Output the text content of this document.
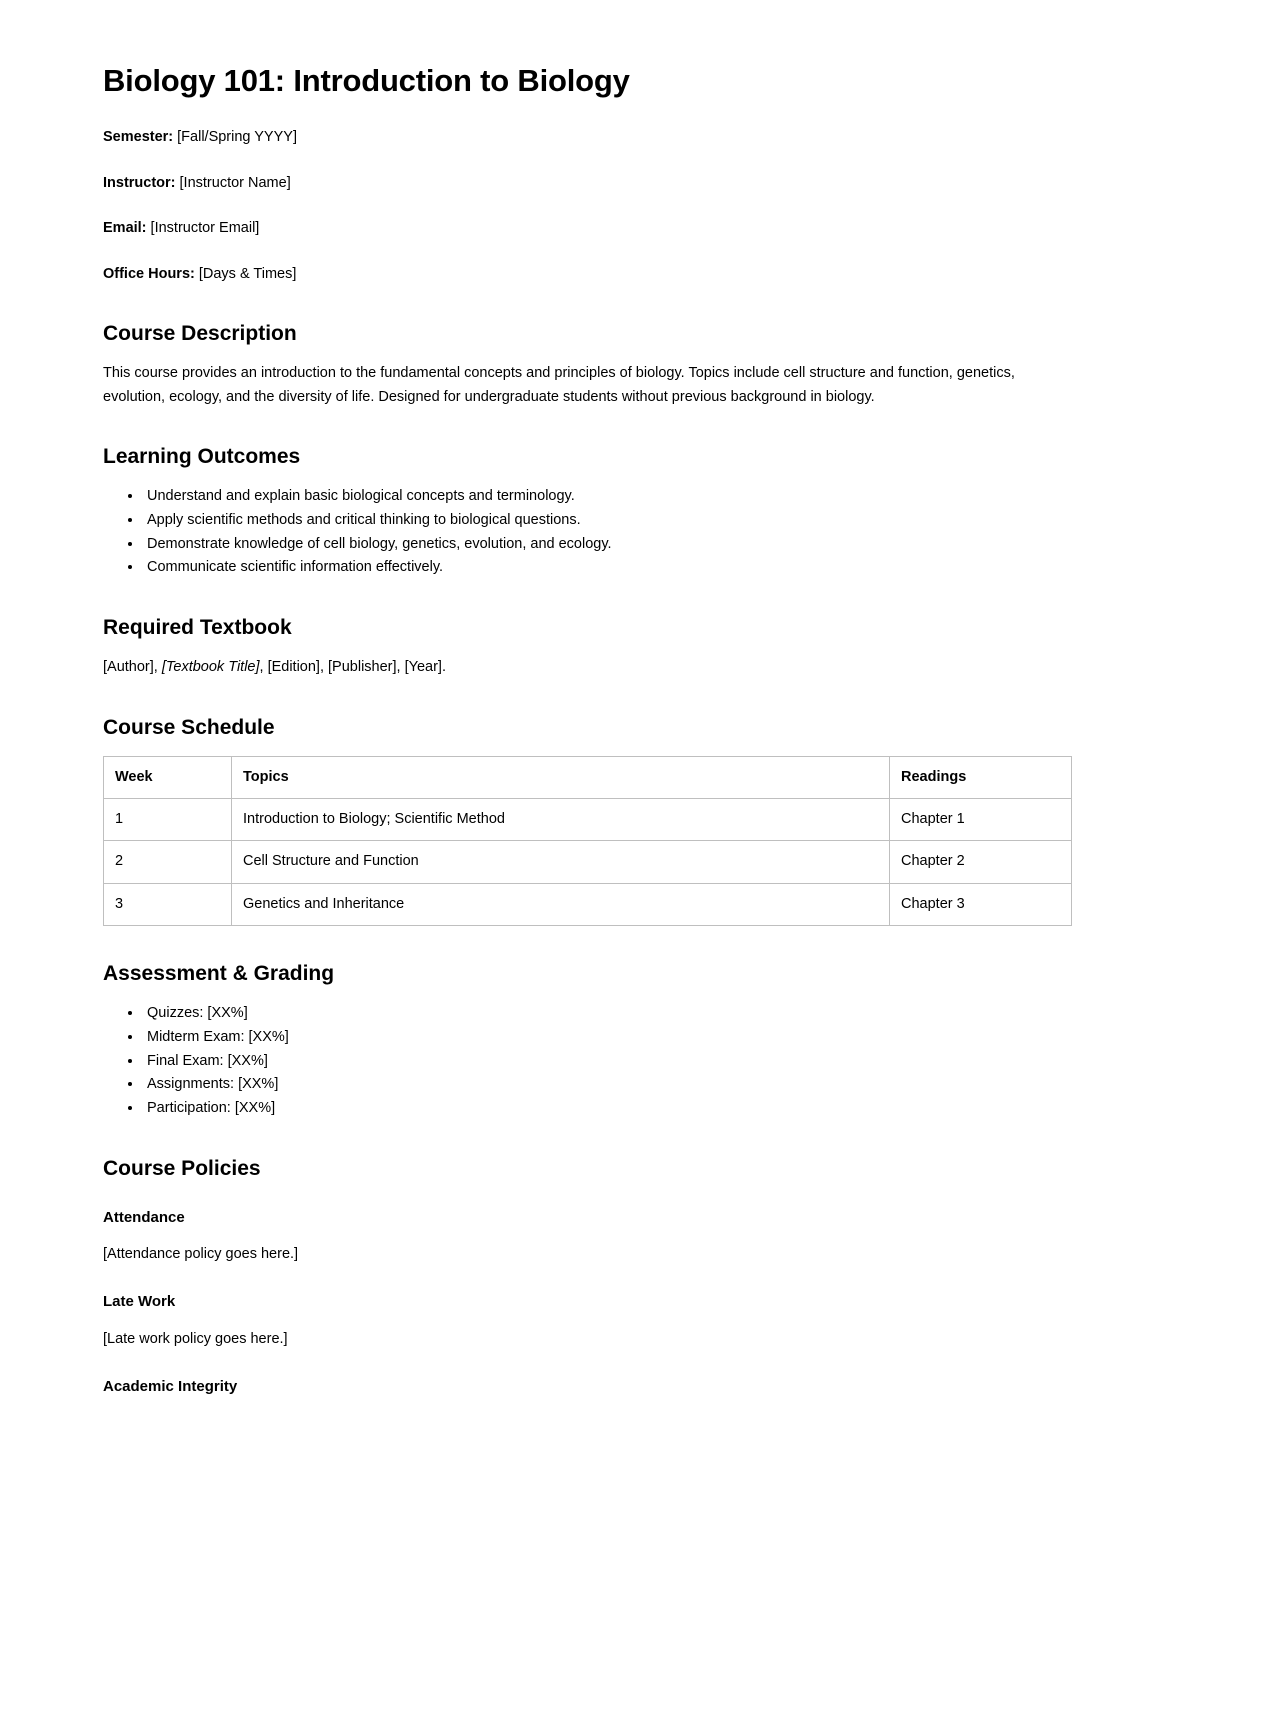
Biology 101: Introduction to Biology

Semester: [Fall/Spring YYYY]

Instructor: [Instructor Name]

Email: [Instructor Email]

Office Hours: [Days & Times]

Course Description

This course provides an introduction to the fundamental concepts and principles of biology. Topics include cell structure and function, genetics, evolution, ecology, and the diversity of life. Designed for undergraduate students without previous background in biology.

Learning Outcomes
• Understand and explain basic biological concepts and terminology.
• Apply scientific methods and critical thinking to biological questions.
• Demonstrate knowledge of cell biology, genetics, evolution, and ecology.
• Communicate scientific information effectively.
Required Textbook

[Author], [Textbook Title], [Edition], [Publisher], [Year].

Course Schedule
Week	Topics	Readings
1	Introduction to Biology; Scientific Method	Chapter 1
2	Cell Structure and Function	Chapter 2
3	Genetics and Inheritance	Chapter 3
Assessment & Grading
• Quizzes: [XX%]
• Midterm Exam: [XX%]
• Final Exam: [XX%]
• Assignments: [XX%]
• Participation: [XX%]
Course Policies
Attendance

[Attendance policy goes here.]

Late Work

[Late work policy goes here.]

Academic Integrity
